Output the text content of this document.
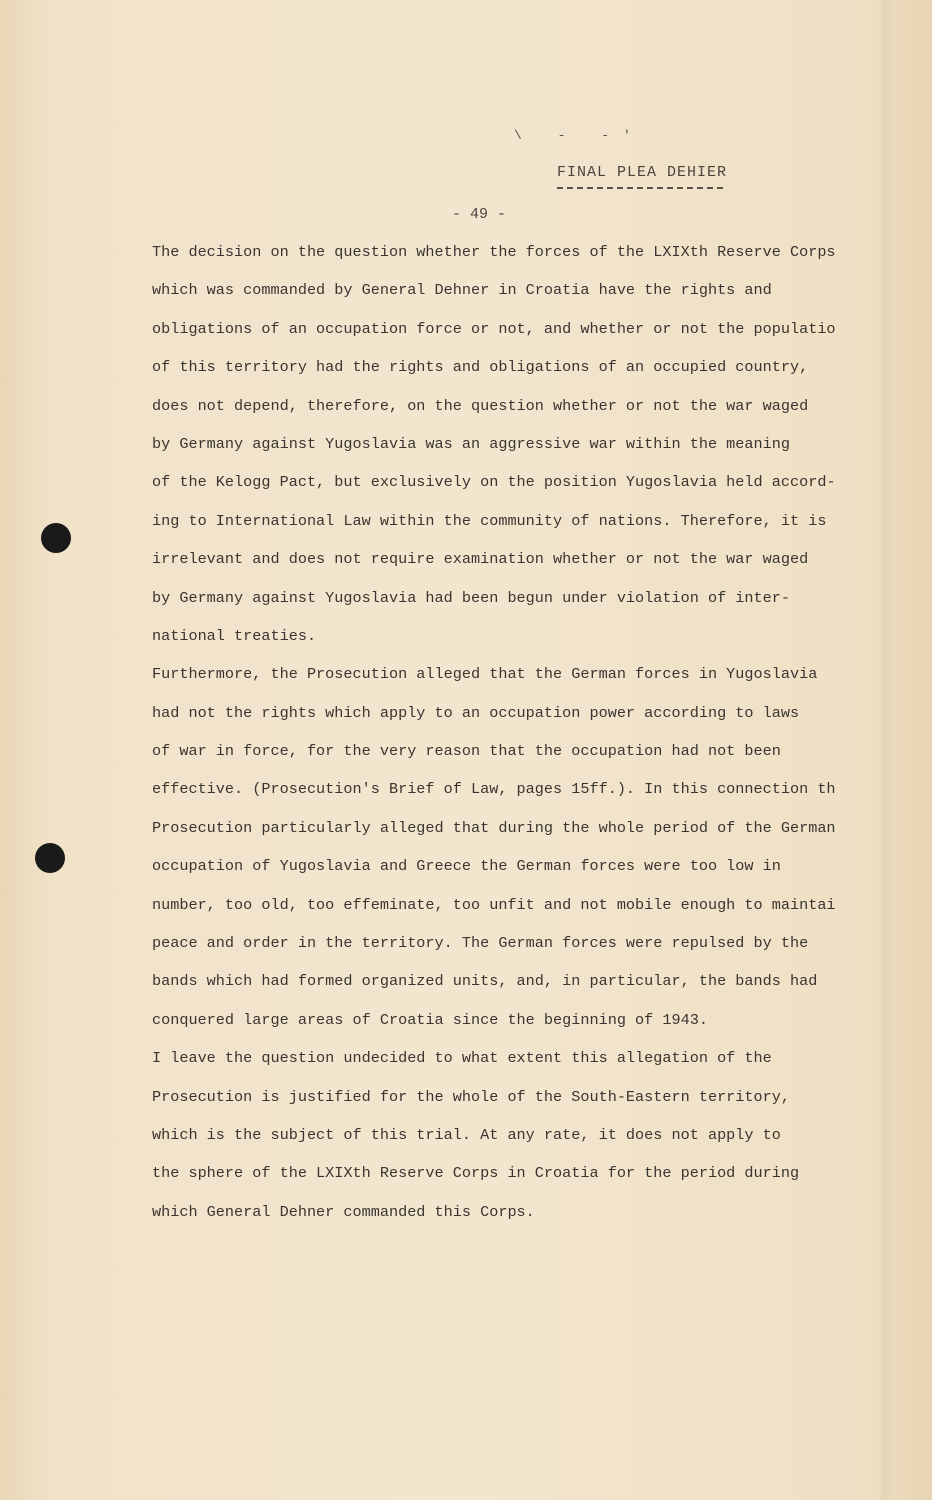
\ - -'
FINAL PLEA DEHIER
- 49 -
The decision on the question whether the forces of the LXIXth Reserve Corps
which was commanded by General Dehner in Croatia have the rights and
obligations of an occupation force or not, and whether or not the populatio
of this territory had the rights and obligations of an occupied country,
does not depend, therefore, on the question whether or not the war waged
by Germany against Yugoslavia was an aggressive war within the meaning
of the Kelogg Pact, but exclusively on the position Yugoslavia held accord-
ing to International Law within the community of nations. Therefore, it is
irrelevant and does not require examination whether or not the war waged
by Germany against Yugoslavia had been begun under violation of inter-
national treaties.
Furthermore, the Prosecution alleged that the German forces in Yugoslavia
had not the rights which apply to an occupation power according to laws
of war in force, for the very reason that the occupation had not been
effective. (Prosecution's Brief of Law, pages 15ff.). In this connection th
Prosecution particularly alleged that during the whole period of the German
occupation of Yugoslavia and Greece the German forces were too low in
number, too old, too effeminate, too unfit and not mobile enough to maintai
peace and order in the territory. The German forces were repulsed by the
bands which had formed organized units, and, in particular, the bands had
conquered large areas of Croatia since the beginning of 1943.
I leave the question undecided to what extent this allegation of the
Prosecution is justified for the whole of the South-Eastern territory,
which is the subject of this trial. At any rate, it does not apply to
the sphere of the LXIXth Reserve Corps in Croatia for the period during
which General Dehner commanded this Corps.
